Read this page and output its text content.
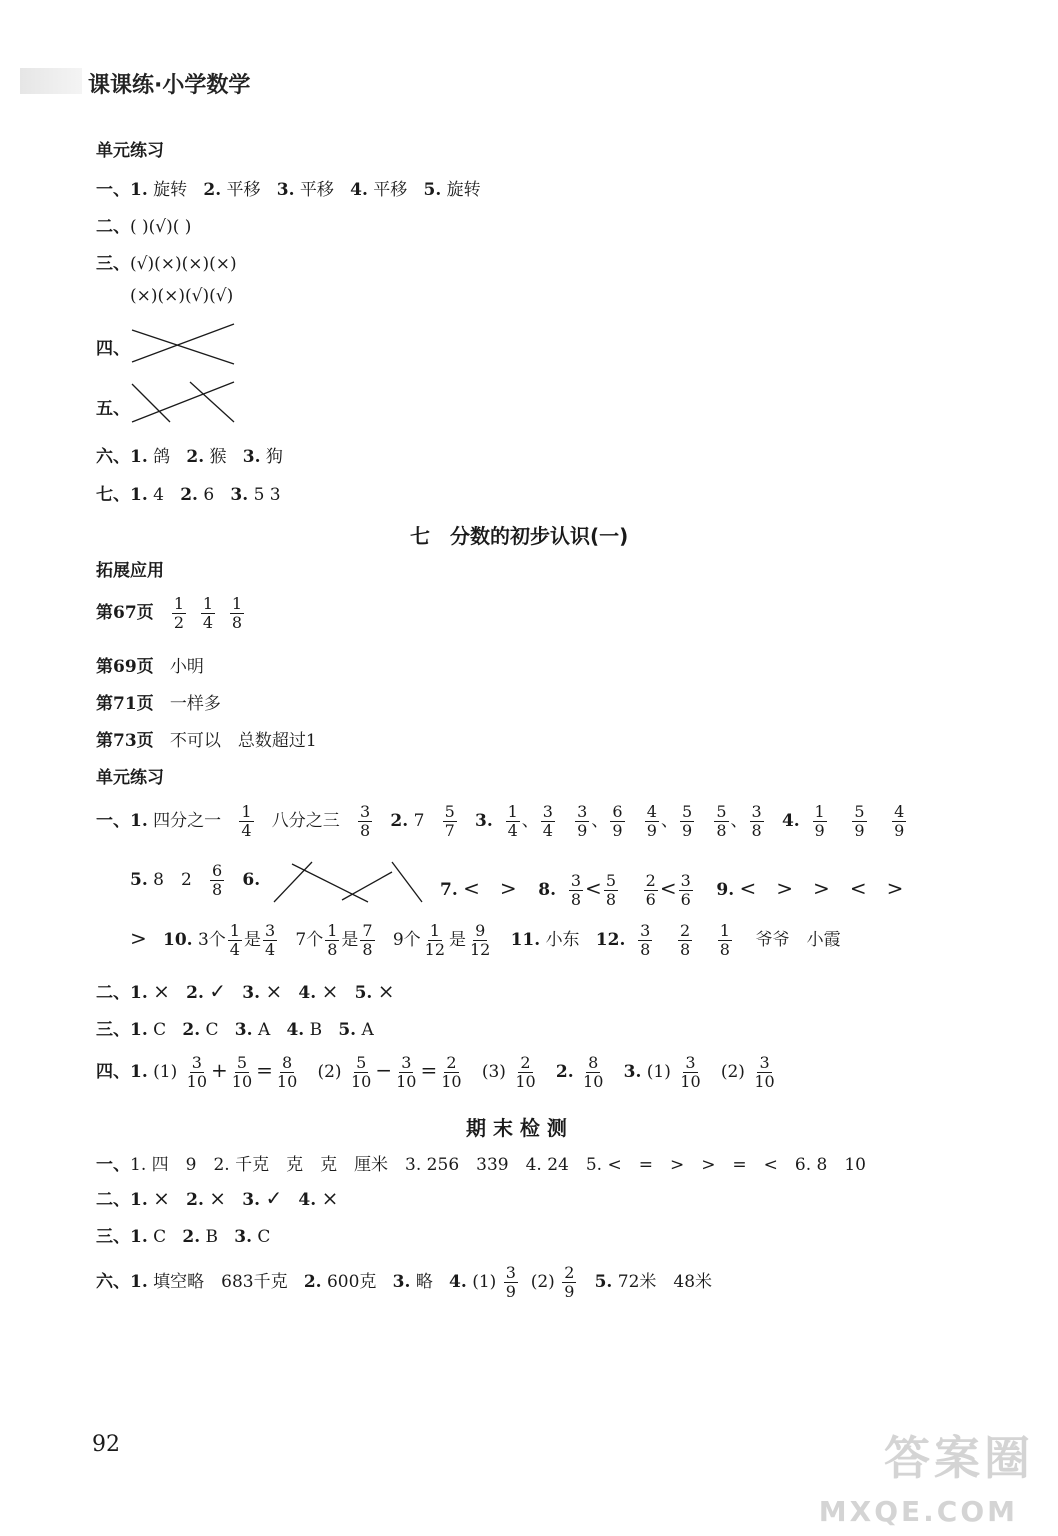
课课练·小学数学
单元练习
一、1. 旋转 2. 平移 3. 平移 4. 平移 5. 旋转
二、( )(√)( )
三、(√)(×)(×)(×)
(×)(×)(√)(√)
四、
五、
六、1. 鸽 2. 猴 3. 狗
七、1. 4 2. 6 3. 5 3
七　分数的初步认识(一)
拓展应用
第67页 $\frac{1}{2}$
$\frac{1}{4}$
$\frac{1}{8}$
第69页 小明
第71页 一样多
第73页 不可以　总数超过1
单元练习
一、1. 四分之一 $\frac{1}{4}$ 八分之三 $\frac{3}{8} 2$. $7 \frac{5}{7} 3$. $\frac{1}{4}$ 、 $\frac{3}{4}$
$\frac{3}{9}$ 、 $\frac{6}{9}$
$\frac{4}{9}$ 、 $\frac{5}{9}$
$\frac{5}{8}$ 、 $\frac{3}{8} 4$. $\frac{1}{9}$
$\frac{5}{9}$
$\frac{4}{9}$
5. 8　$2 \frac{6}{8} 6$.	7. <　> 8. $\frac{3}{8} < \frac{5}{8}$
$\frac{2}{6} < \frac{3}{6} 9$. <　>　>　<　>
> 10. 3个 $\frac{1}{4}$ 是 $\frac{3}{4} 7$个 $\frac{1}{8}$ 是 $\frac{7}{8} 9$个 $\frac{1}{12}$ 是 $\frac{9}{12} 11$. 小东 12. $\frac{3}{8}$
$\frac{2}{8}$
$\frac{1}{8}$ 爷爷　小霞
二、1. × 2. ✓ 3. × 4. × 5. ×
三、1. C 2. C 3. A 4. B 5. A
四、1. $(1) \frac{3}{10} + \frac{5}{10} = \frac{8}{10} (2) \frac{5}{10} - \frac{3}{10} = \frac{2}{10} (3) \frac{2}{10} 2$. $\frac{8}{10} 3$. $(1) \frac{3}{10} (2) \frac{3}{10}$
期 末 检 测
一、1. 四　9　2. 千克　克　克　厘米　3. 256　339　4. 24　5. <　=　>　>　=　<　6. 8　10
二、1. × 2. × 3. ✓ 4. ×
三、1. C 2. B 3. C
六、1. 填空略　683千克 2. 600克 3. 略 4. $(1) \frac{3}{9} (2) \frac{2}{9} 5$. 72米　48米
92	答案圈
MXQE.COM
